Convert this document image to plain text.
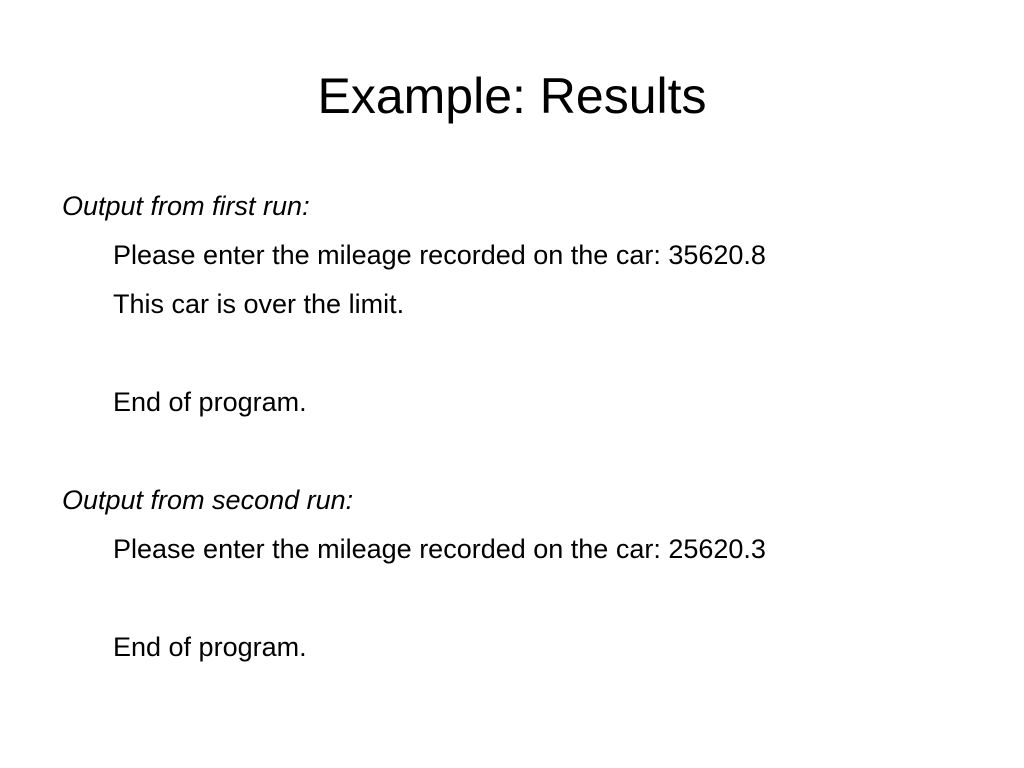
Example: Results
Output from first run:
Please enter the mileage recorded on the car: 35620.8
This car is over the limit.
End of program.
Output from second run:
Please enter the mileage recorded on the car: 25620.3
End of program.
